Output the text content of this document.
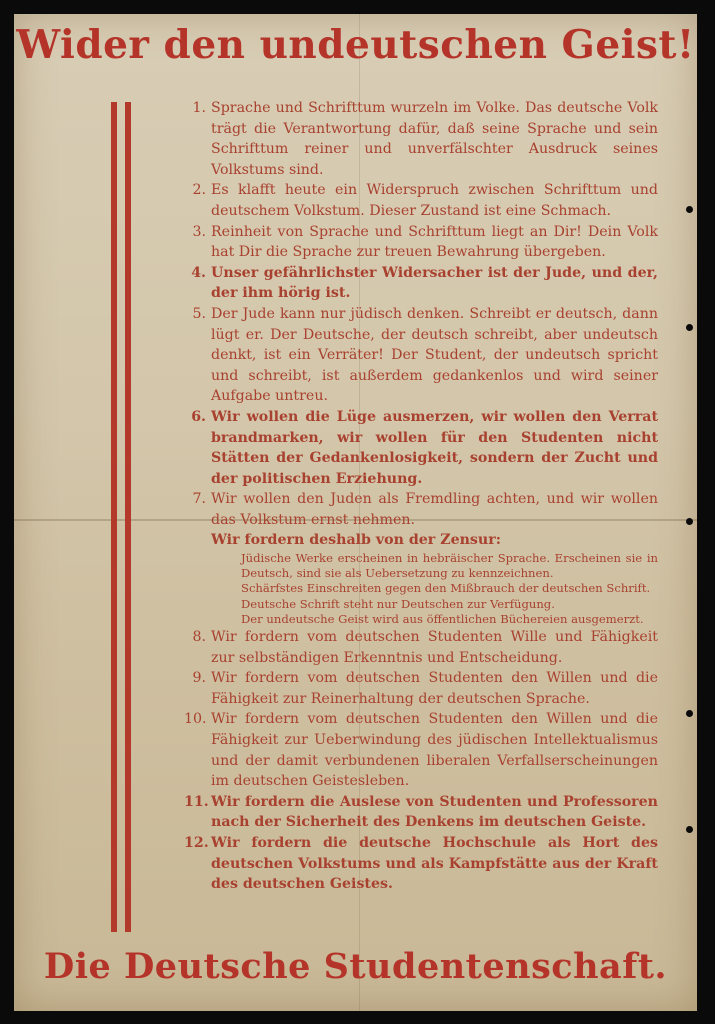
Wider den undeutschen Geist!
1. Sprache und Schrifttum wurzeln im Volke. Das deutsche Volk trägt die Verantwortung dafür, daß seine Sprache und sein Schrifttum reiner und unverfälschter Ausdruck seines Volkstums sind.
2. Es klafft heute ein Widerspruch zwischen Schrifttum und deutschem Volkstum. Dieser Zustand ist eine Schmach.
3. Reinheit von Sprache und Schrifttum liegt an Dir! Dein Volk hat Dir die Sprache zur treuen Bewahrung übergeben.
4. Unser gefährlichster Widersacher ist der Jude, und der, der ihm hörig ist.
5. Der Jude kann nur jüdisch denken. Schreibt er deutsch, dann lügt er. Der Deutsche, der deutsch schreibt, aber undeutsch denkt, ist ein Verräter! Der Student, der undeutsch spricht und schreibt, ist außerdem gedankenlos und wird seiner Aufgabe untreu.
6. Wir wollen die Lüge ausmerzen, wir wollen den Verrat brandmarken, wir wollen für den Studenten nicht Stätten der Gedankenlosigkeit, sondern der Zucht und der politischen Erziehung.
7. Wir wollen den Juden als Fremdling achten, und wir wollen das Volkstum ernst nehmen.
Wir fordern deshalb von der Zensur:
Jüdische Werke erscheinen in hebräischer Sprache. Erscheinen sie in Deutsch, sind sie als Uebersetzung zu kennzeichnen.
Schärfstes Einschreiten gegen den Mißbrauch der deutschen Schrift.
Deutsche Schrift steht nur Deutschen zur Verfügung.
Der undeutsche Geist wird aus öffentlichen Büchereien ausgemerzt.
8. Wir fordern vom deutschen Studenten Wille und Fähigkeit zur selbständigen Erkenntnis und Entscheidung.
9. Wir fordern vom deutschen Studenten den Willen und die Fähigkeit zur Reinerhaltung der deutschen Sprache.
10. Wir fordern vom deutschen Studenten den Willen und die Fähigkeit zur Ueberwindung des jüdischen Intellektualismus und der damit verbundenen liberalen Verfallserscheinungen im deutschen Geistesleben.
11. Wir fordern die Auslese von Studenten und Professoren nach der Sicherheit des Denkens im deutschen Geiste.
12. Wir fordern die deutsche Hochschule als Hort des deutschen Volkstums und als Kampfstätte aus der Kraft des deutschen Geistes.
Die Deutsche Studentenschaft.
